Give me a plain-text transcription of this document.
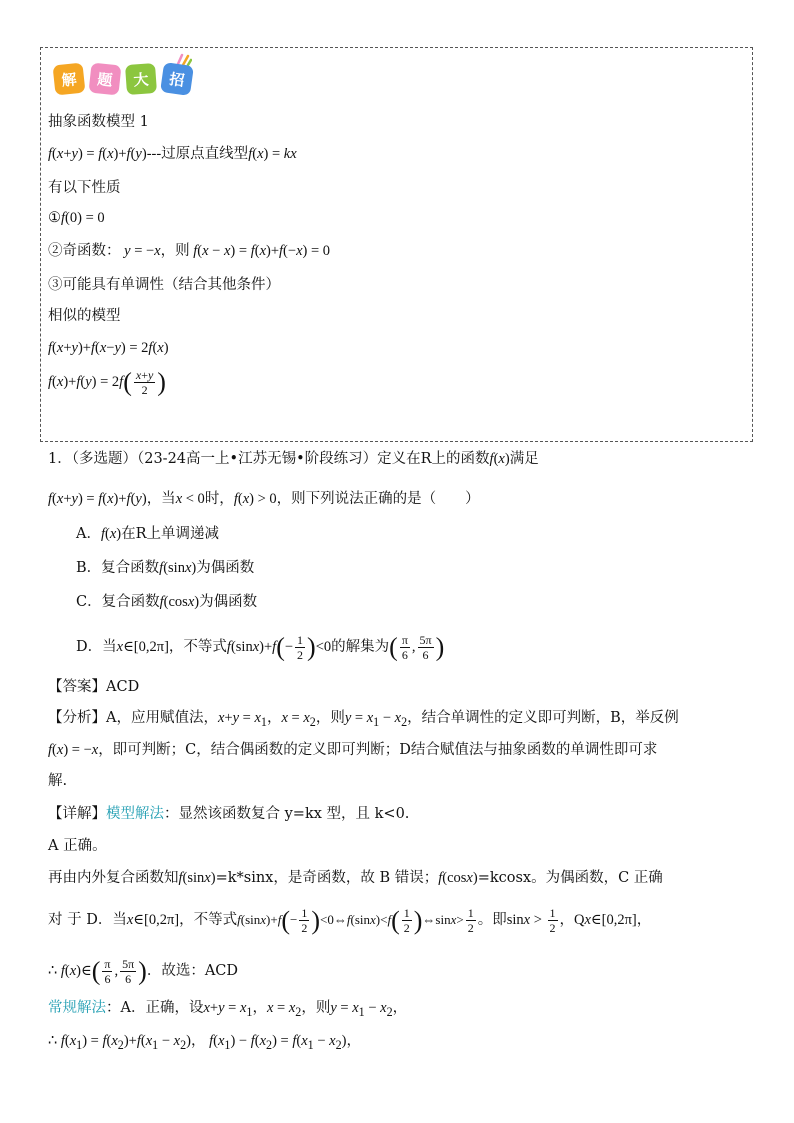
解	题	大	招
抽象函数模型 1
f(x+y) = f(x)+f(y)---过原点直线型f(x) = kx
有以下性质
①f(0) = 0
②奇函数： y = −x，则 f(x − x) = f(x)+f(−x) = 0
③可能具有单调性（结合其他条件）
相似的模型
f(x+y)+f(x−y) = 2f(x)
$f(x)+f(y) = 2f( \frac{x+y}{2}$ )
1．（多选题）（23-24高一上•江苏无锡•阶段练习）定义在R上的函数f(x)满足
f(x+y) = f(x)+f(y)，当x < 0时，f(x) > 0，则下列说法正确的是（　　）
A．f(x)在R上单调递减
B．复合函数f(sinx)为偶函数
C．复合函数f(cosx)为偶函数
D．当x∈[0,2π]，不等式$f(\sin x)+f(- \frac{1}{2} )<0$的解集为( $\frac{\pi}{6}$ , $\frac{5\pi}{6}$ )
【答案】ACD
【分析】A，应用赋值法，$x+y = x_1$，$x = x_2$，则$y = x_1 - x_2$，结合单调性的定义即可判断，B，举反例
f(x) = −x，即可判断；C，结合偶函数的定义即可判断；D结合赋值法与抽象函数的单调性即可求
解.
【详解】模型解法：显然该函数复合 y=kx 型，且 k<0.
A 正确。
再由内外复合函数知f(sinx)=k*sinx，是奇函数，故 B 错误；f(cosx)=kcosx。为偶函数，C 正确
对 于 D．当x∈[0,2π]，不等式$f(\sin x)+f(- \frac{1}{2}$ )<0⇔f(sinx)<f( $\frac{1}{2}$ )⇔sinx> $\frac{1}{2}$ 。即$\sin x > \frac{1}{2}$ ，Qx∈[0,2π]，
∴ f(x)∈( $\frac{\pi}{6}$ , $\frac{5\pi}{6}$ )．故选：ACD
常规解法：A．正确，设$x+y = x_1$，$x = x_2$，则$y = x_1 - x_2$，
∴ $f(x_1) = f(x_2)+f(x_1 - x_2)$， $f(x_1) - f(x_2) = f(x_1 - x_2)$，
